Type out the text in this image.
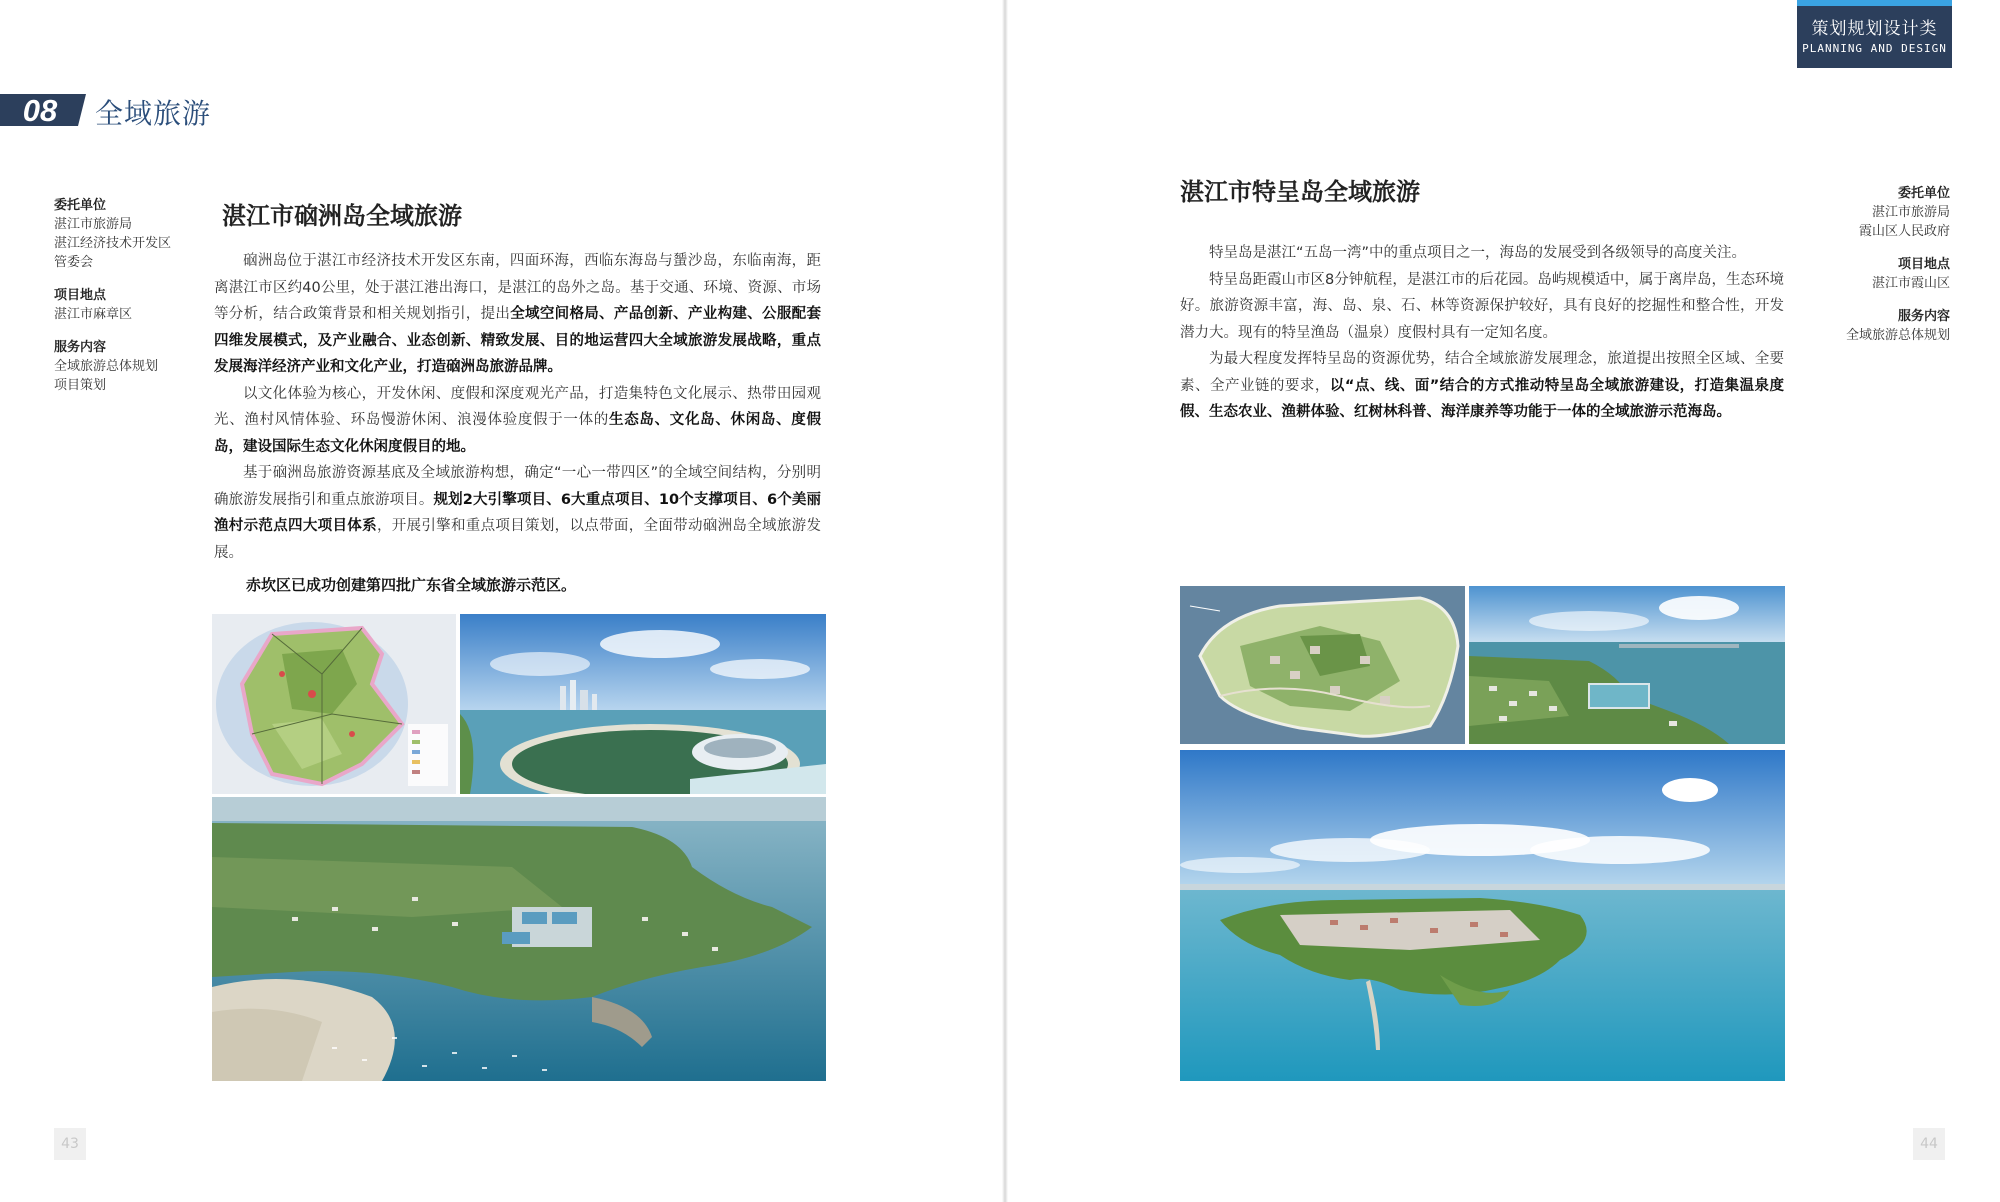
08 全域旅游
策划规划设计类
PLANNING AND DESIGN
委托单位
湛江市旅游局
湛江经济技术开发区
管委会
项目地点
湛江市麻章区
服务内容
全域旅游总体规划
项目策划
湛江市硇洲岛全域旅游

硇洲岛位于湛江市经济技术开发区东南，四面环海，西临东海岛与蜑沙岛，东临南海，距离湛江市区约40公里，处于湛江港出海口，是湛江的岛外之岛。基于交通、环境、资源、市场等分析，结合政策背景和相关规划指引，提出全域空间格局、产品创新、产业构建、公服配套四维发展模式，及产业融合、业态创新、精致发展、目的地运营四大全域旅游发展战略，重点发展海洋经济产业和文化产业，打造硇洲岛旅游品牌。

以文化体验为核心，开发休闲、度假和深度观光产品，打造集特色文化展示、热带田园观光、渔村风情体验、环岛慢游休闲、浪漫体验度假于一体的生态岛、文化岛、休闲岛、度假岛，建设国际生态文化休闲度假目的地。

基于硇洲岛旅游资源基底及全域旅游构想，确定“一心一带四区”的全域空间结构，分别明确旅游发展指引和重点旅游项目。规划2大引擎项目、6大重点项目、10个支撑项目、6个美丽渔村示范点四大项目体系，开展引擎和重点项目策划，以点带面，全面带动硇洲岛全域旅游发展。

赤坎区已成功创建第四批广东省全域旅游示范区。
43
湛江市特呈岛全域旅游

特呈岛是湛江“五岛一湾”中的重点项目之一，海岛的发展受到各级领导的高度关注。

特呈岛距霞山市区8分钟航程，是湛江市的后花园。岛屿规模适中，属于离岸岛，生态环境好。旅游资源丰富，海、岛、泉、石、林等资源保护较好，具有良好的挖掘性和整合性，开发潜力大。现有的特呈渔岛（温泉）度假村具有一定知名度。

为最大程度发挥特呈岛的资源优势，结合全域旅游发展理念，旅道提出按照全区域、全要素、全产业链的要求，以“点、线、面”结合的方式推动特呈岛全域旅游建设，打造集温泉度假、生态农业、渔耕体验、红树林科普、海洋康养等功能于一体的全域旅游示范海岛。

委托单位
湛江市旅游局
霞山区人民政府
项目地点
湛江市霞山区
服务内容
全域旅游总体规划
44
